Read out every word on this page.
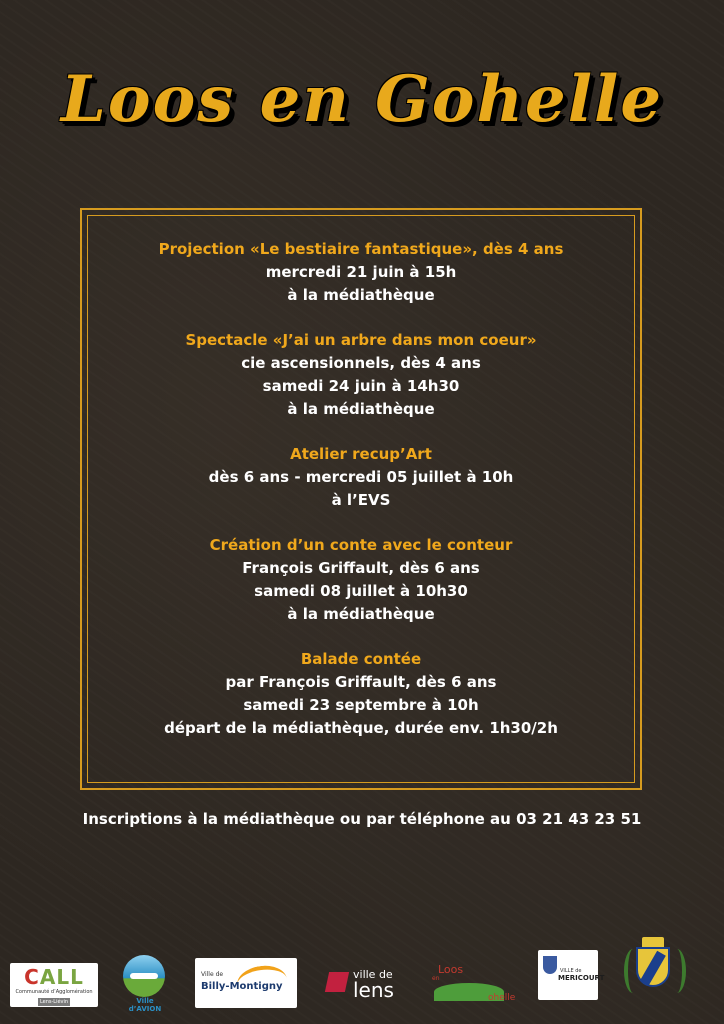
Loos en Gohelle
Projection «Le bestiaire fantastique», dès 4 ans
mercredi 21 juin à 15h
à la médiathèque
Spectacle «J’ai un arbre dans mon coeur»
cie ascensionnels, dès 4 ans
samedi 24 juin à 14h30
à la médiathèque
Atelier recup’Art
dès 6 ans - mercredi 05 juillet à 10h
à l’EVS
Création d’un conte avec le conteur
François Griffault, dès 6 ans
samedi 08 juillet à 10h30
à la médiathèque
Balade contée
par François Griffault, dès 6 ans
samedi 23 septembre à 10h
départ de la médiathèque, durée env. 1h30/2h
Inscriptions à la médiathèque ou par téléphone au 03 21 43 23 51
CALL
Communauté d’Agglomération
Lens-Liévin	Ville d’AVION
Ville de
Billy-Montigny
ville de
lens
Loos
en
ohelle
VILLE de
MERICOURT
